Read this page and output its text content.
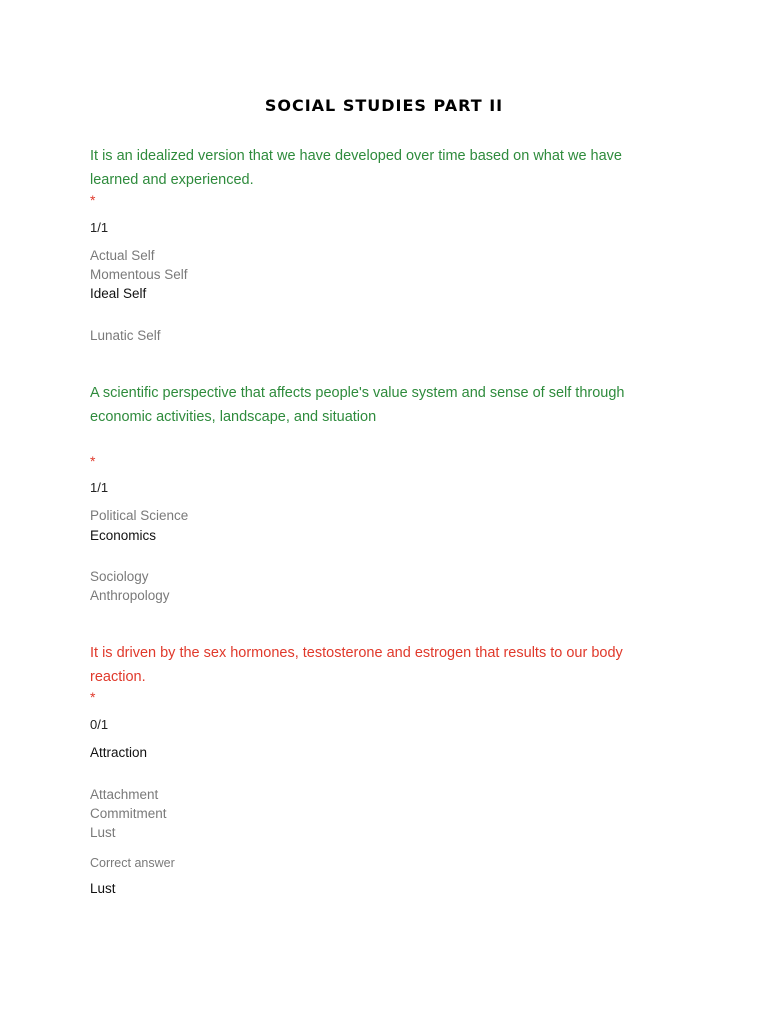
SOCIAL STUDIES PART II
It is an idealized version that we have developed over time based on what we have learned and experienced.
*
1/1
Actual Self
Momentous Self
Ideal Self
Lunatic Self
A scientific perspective that affects people's value system and sense of self through economic activities, landscape, and situation
*
1/1
Political Science
Economics
Sociology
Anthropology
It is driven by the sex hormones, testosterone and estrogen that results to our body reaction.
*
0/1
Attraction
Attachment
Commitment
Lust
Correct answer
Lust
